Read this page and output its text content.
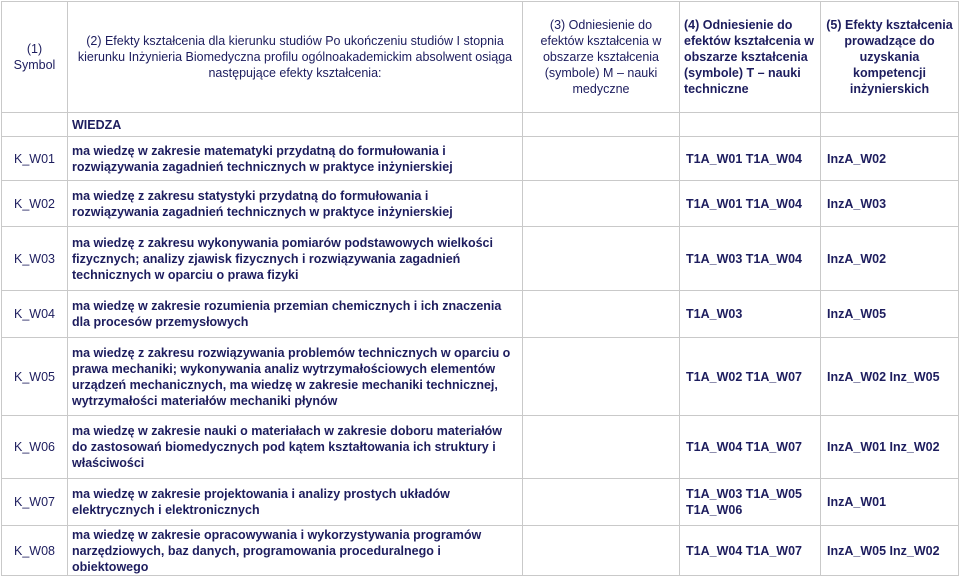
(1) Symbol	(2) Efekty kształcenia dla kierunku studiów Po ukończeniu studiów I stopnia kierunku Inżynieria Biomedyczna profilu ogólnoakademickim absolwent osiąga następujące efekty kształcenia:	(3) Odniesienie do efektów kształcenia w obszarze kształcenia (symbole) M – nauki medyczne	(4) Odniesienie do efektów kształcenia w obszarze kształcenia (symbole) T – nauki techniczne	(5) Efekty kształcenia prowadzące do uzyskania kompetencji inżynierskich
	WIEDZA			
K_W01	ma wiedzę w zakresie matematyki przydatną do formułowania i rozwiązywania zagadnień technicznych w praktyce inżynierskiej		T1A_W01 T1A_W04	InzA_W02
K_W02	ma wiedzę z zakresu statystyki przydatną do formułowania i rozwiązywania zagadnień technicznych w praktyce inżynierskiej		T1A_W01 T1A_W04	InzA_W03
K_W03	ma wiedzę z zakresu wykonywania pomiarów podstawowych wielkości fizycznych; analizy zjawisk fizycznych i rozwiązywania zagadnień technicznych w oparciu o prawa fizyki		T1A_W03 T1A_W04	InzA_W02
K_W04	ma wiedzę w zakresie rozumienia przemian chemicznych i ich znaczenia dla procesów przemysłowych		T1A_W03	InzA_W05
K_W05	ma wiedzę z zakresu rozwiązywania problemów technicznych w oparciu o prawa mechaniki; wykonywania analiz wytrzymałościowych elementów urządzeń mechanicznych, ma wiedzę w zakresie mechaniki technicznej, wytrzymałości materiałów mechaniki płynów		T1A_W02 T1A_W07	InzA_W02 Inz_W05
K_W06	ma wiedzę w zakresie nauki o materiałach w zakresie doboru materiałów do zastosowań biomedycznych pod kątem kształtowania ich struktury i właściwości		T1A_W04 T1A_W07	InzA_W01 Inz_W02
K_W07	ma wiedzę w zakresie projektowania i analizy prostych układów elektrycznych i elektronicznych		T1A_W03 T1A_W05 T1A_W06	InzA_W01
K_W08	ma wiedzę w zakresie opracowywania i wykorzystywania programów narzędziowych, baz danych, programowania proceduralnego i obiektowego		T1A_W04 T1A_W07	InzA_W05 Inz_W02
